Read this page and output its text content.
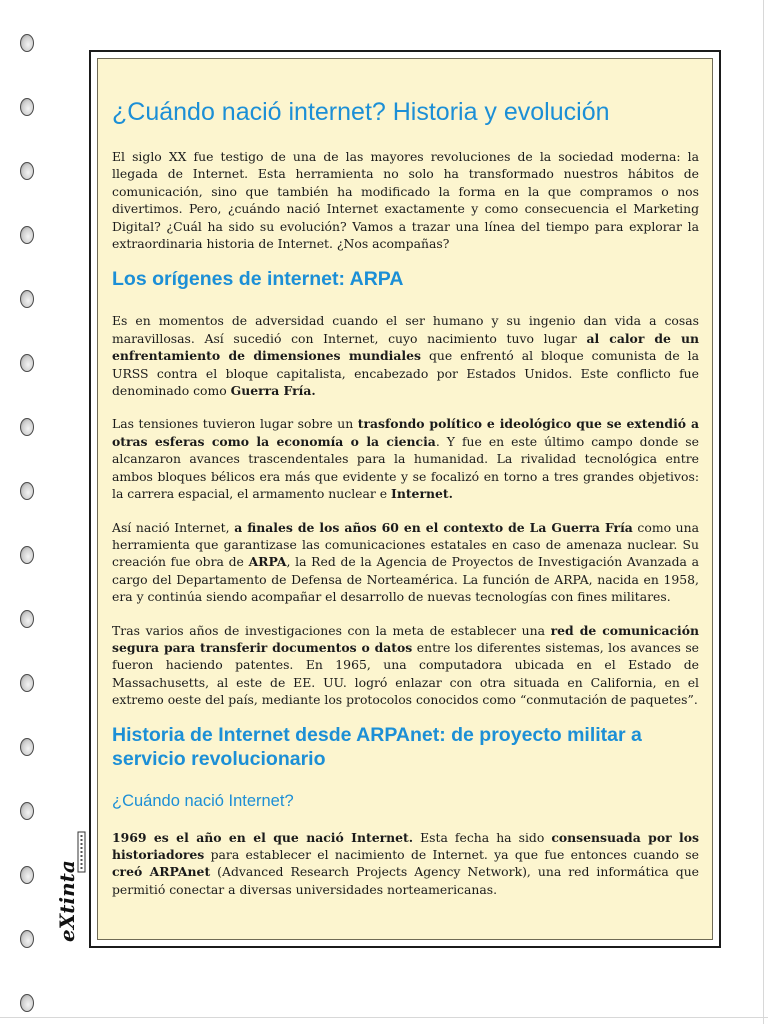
eXtinta
¿Cuándo nació internet? Historia y evolución

El siglo XX fue testigo de una de las mayores revoluciones de la sociedad moderna: la llegada de Internet. Esta herramienta no solo ha transformado nuestros hábitos de comunicación, sino que también ha modificado la forma en la que compramos o nos divertimos. Pero, ¿cuándo nació Internet exactamente y como consecuencia el Marketing Digital? ¿Cuál ha sido su evolución? Vamos a trazar una línea del tiempo para explorar la extraordinaria historia de Internet. ¿Nos acompañas?

Los orígenes de internet: ARPA

Es en momentos de adversidad cuando el ser humano y su ingenio dan vida a cosas maravillosas. Así sucedió con Internet, cuyo nacimiento tuvo lugar al calor de un enfrentamiento de dimensiones mundiales que enfrentó al bloque comunista de la URSS contra el bloque capitalista, encabezado por Estados Unidos. Este conflicto fue denominado como Guerra Fría.

Las tensiones tuvieron lugar sobre un trasfondo político e ideológico que se extendió a otras esferas como la economía o la ciencia. Y fue en este último campo donde se alcanzaron avances trascendentales para la humanidad. La rivalidad tecnológica entre ambos bloques bélicos era más que evidente y se focalizó en torno a tres grandes objetivos: la carrera espacial, el armamento nuclear e Internet.

Así nació Internet, a finales de los años 60 en el contexto de La Guerra Fría como una herramienta que garantizase las comunicaciones estatales en caso de amenaza nuclear. Su creación fue obra de ARPA, la Red de la Agencia de Proyectos de Investigación Avanzada a cargo del Departamento de Defensa de Norteamérica. La función de ARPA, nacida en 1958, era y continúa siendo acompañar el desarrollo de nuevas tecnologías con fines militares.

Tras varios años de investigaciones con la meta de establecer una red de comunicación segura para transferir documentos o datos entre los diferentes sistemas, los avances se fueron haciendo patentes. En 1965, una computadora ubicada en el Estado de Massachusetts, al este de EE. UU. logró enlazar con otra situada en California, en el extremo oeste del país, mediante los protocolos conocidos como “conmutación de paquetes”.

Historia de Internet desde ARPAnet: de proyecto militar a servicio revolucionario
¿Cuándo nació Internet?

1969 es el año en el que nació Internet. Esta fecha ha sido consensuada por los historiadores para establecer el nacimiento de Internet. ya que fue entonces cuando se creó ARPAnet (Advanced Research Projects Agency Network), una red informática que permitió conectar a diversas universidades norteamericanas.
